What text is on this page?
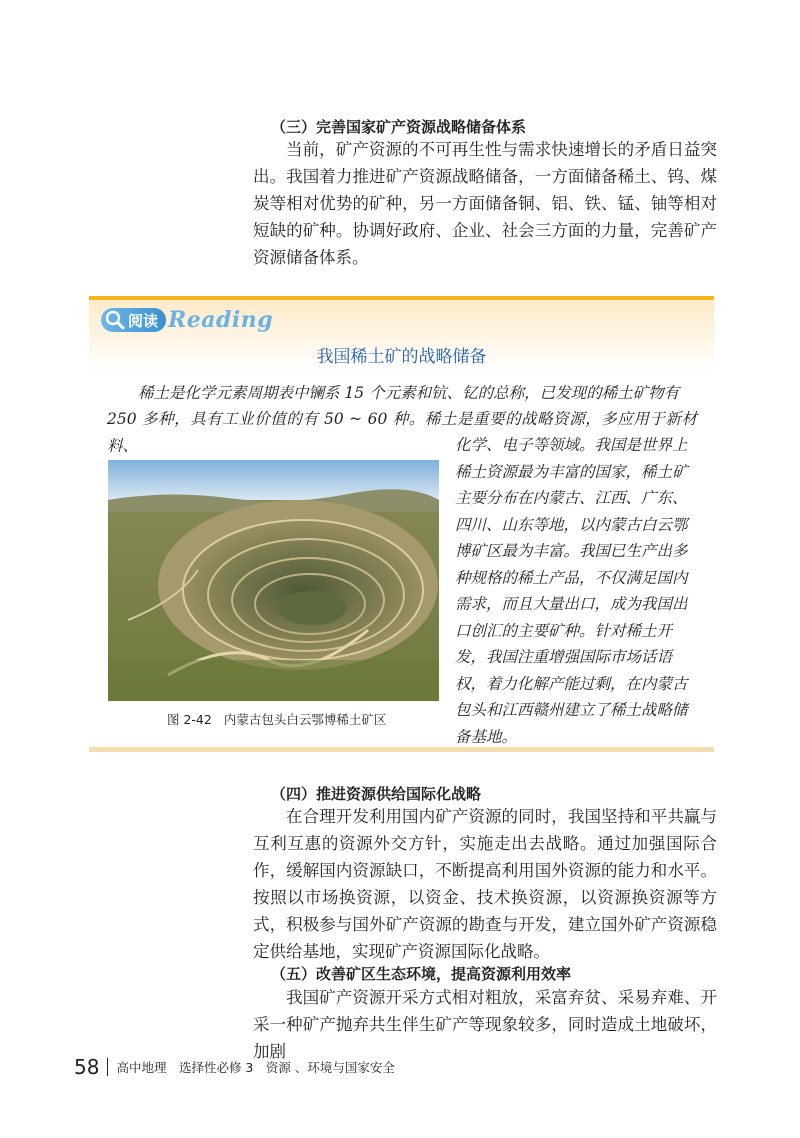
（三）完善国家矿产资源战略储备体系

当前，矿产资源的不可再生性与需求快速增长的矛盾日益突出。我国着力推进矿产资源战略储备，一方面储备稀土、钨、煤炭等相对优势的矿种，另一方面储备铜、铝、铁、锰、铀等相对短缺的矿种。协调好政府、企业、社会三方面的力量，完善矿产资源储备体系。

阅读 Reading
我国稀土矿的战略储备

稀土是化学元素周期表中镧系 15 个元素和钪、钇的总称，已发现的稀土矿物有

250 多种，具有工业价值的有 50 ~ 60 种。稀土是重要的战略资源，多应用于新材料、	化学、电子等领域。我国是世界上稀土资源最为丰富的国家，稀土矿主要分布在内蒙古、江西、广东、四川、山东等地，以内蒙古白云鄂博矿区最为丰富。我国已生产出多种规格的稀土产品，不仅满足国内需求，而且大量出口，成为我国出口创汇的主要矿种。针对稀土开发，我国注重增强国际市场话语权，着力化解产能过剩，在内蒙古包头和江西赣州建立了稀土战略储备基地。

图 2-42 内蒙古包头白云鄂博稀土矿区
（四）推进资源供给国际化战略

在合理开发利用国内矿产资源的同时，我国坚持和平共赢与互利互惠的资源外交方针，实施走出去战略。通过加强国际合作，缓解国内资源缺口，不断提高利用国外资源的能力和水平。按照以市场换资源，以资金、技术换资源，以资源换资源等方式，积极参与国外矿产资源的勘查与开发，建立国外矿产资源稳定供给基地，实现矿产资源国际化战略。

（五）改善矿区生态环境，提高资源利用效率

我国矿产资源开采方式相对粗放，采富弃贫、采易弃难、开采一种矿产抛弃共生伴生矿产等现象较多，同时造成土地破坏，加剧

58 高中地理　选择性必修 3　资源 、环境与国家安全
